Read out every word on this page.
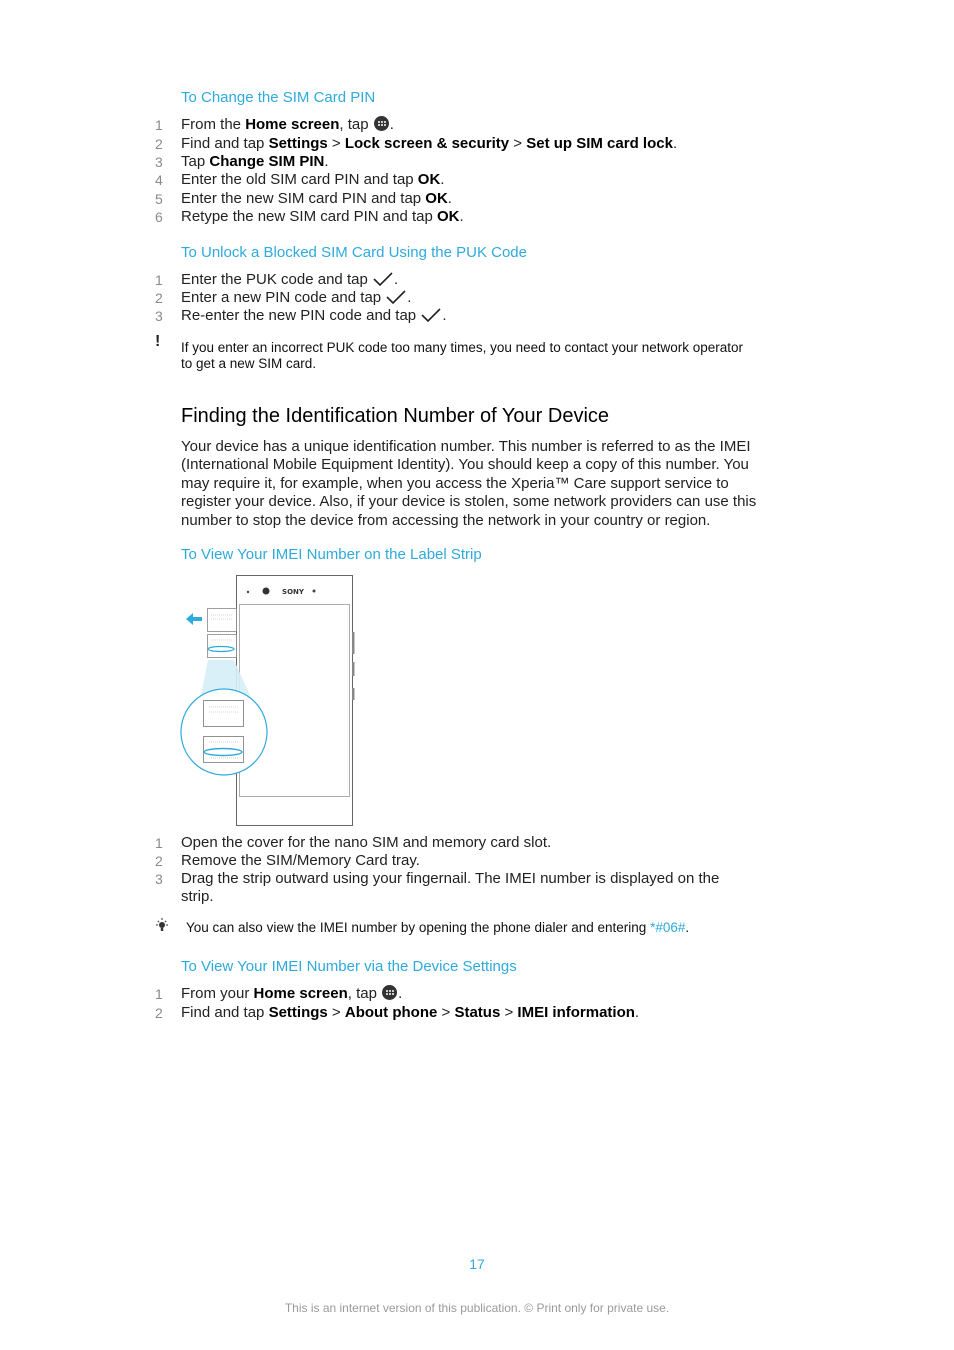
To Change the SIM Card PIN
1 From the Home screen, tap
.
2 Find and tap Settings > Lock screen & security > Set up SIM card lock.
3 Tap Change SIM PIN.
4 Enter the old SIM card PIN and tap OK.
5 Enter the new SIM card PIN and tap OK.
6 Retype the new SIM card PIN and tap OK.
To Unlock a Blocked SIM Card Using the PUK Code
1 Enter the PUK code and tap .
2 Enter a new PIN code and tap .
3 Re-enter the new PIN code and tap .
! If you enter an incorrect PUK code too many times, you need to contact your network operator
to get a new SIM card.
Finding the Identification Number of Your Device
Your device has a unique identification number. This number is referred to as the IMEI
(International Mobile Equipment Identity). You should keep a copy of this number. You
may require it, for example, when you access the Xperia™ Care support service to
register your device. Also, if your device is stolen, some network providers can use this
number to stop the device from accessing the network in your country or region.
To View Your IMEI Number on the Label Strip
SONY
1 Open the cover for the nano SIM and memory card slot.
2 Remove the SIM/Memory Card tray.
3 Drag the strip outward using your fingernail. The IMEI number is displayed on the
strip.
You can also view the IMEI number by opening the phone dialer and entering *#06#.
To View Your IMEI Number via the Device Settings
1 From your Home screen, tap
.
2 Find and tap Settings > About phone > Status > IMEI information.
17
This is an internet version of this publication. © Print only for private use.
